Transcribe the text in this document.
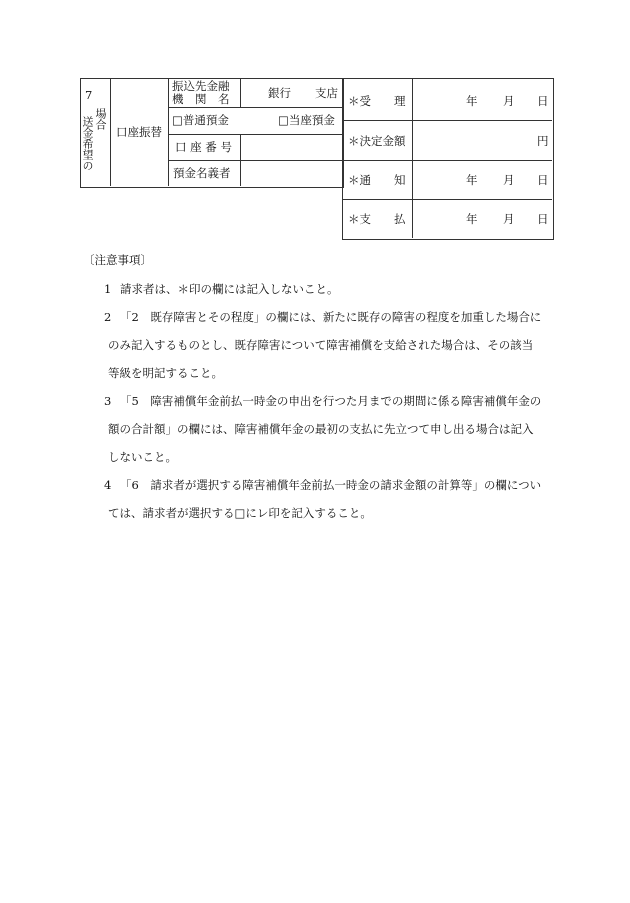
7
場合
送金希望の 口座振替
振込先金融
機　関　名	銀行 支店
□普通預金	□当座預金
口 座 番 号
預金名義者
＊受　　理	年 月 日
＊決定金額	円
＊通　　知	年 月 日
＊支　　払	年 月 日
〔注意事項〕
1 請求者は、＊印の欄には記入しないこと。
2 「2　既存障害とその程度」の欄には、新たに既存の障害の程度を加重した場合に
のみ記入するものとし、既存障害について障害補償を支給された場合は、その該当
等級を明記すること。
3 「5　障害補償年金前払一時金の申出を行つた月までの期間に係る障害補償年金の
額の合計額」の欄には、障害補償年金の最初の支払に先立つて申し出る場合は記入
しないこと。
4 「6　請求者が選択する障害補償年金前払一時金の請求金額の計算等」の欄につい
ては、請求者が選択する□にレ印を記入すること。
